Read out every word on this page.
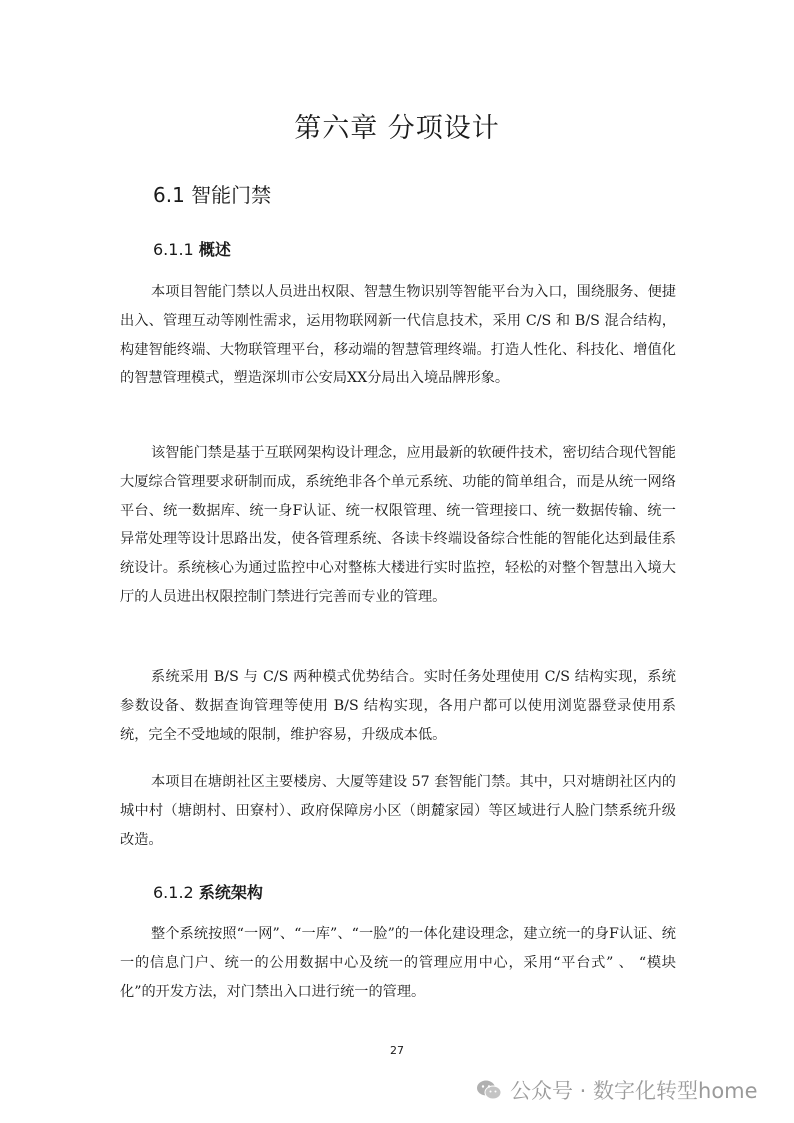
第六章 分项设计
6.1 智能门禁
6.1.1 概述

本项目智能门禁以人员进出权限、智慧生物识别等智能平台为入口，围绕服务、便捷出入、管理互动等刚性需求，运用物联网新一代信息技术，采用 C/S 和 B/S 混合结构，构建智能终端、大物联管理平台，移动端的智慧管理终端。打造人性化、科技化、增值化的智慧管理模式，塑造深圳市公安局XX分局出入境品牌形象。

该智能门禁是基于互联网架构设计理念，应用最新的软硬件技术，密切结合现代智能大厦综合管理要求研制而成，系统绝非各个单元系统、功能的简单组合，而是从统一网络平台、统一数据库、统一身F认证、统一权限管理、统一管理接口、统一数据传输、统一异常处理等设计思路出发，使各管理系统、各读卡终端设备综合性能的智能化达到最佳系统设计。系统核心为通过监控中心对整栋大楼进行实时监控，轻松的对整个智慧出入境大厅的人员进出权限控制门禁进行完善而专业的管理。

系统采用 B/S 与 C/S 两种模式优势结合。实时任务处理使用 C/S 结构实现，系统参数设备、数据查询管理等使用 B/S 结构实现，各用户都可以使用浏览器登录使用系统，完全不受地域的限制，维护容易，升级成本低。

本项目在塘朗社区主要楼房、大厦等建设 57 套智能门禁。其中，只对塘朗社区内的城中村（塘朗村、田寮村）、政府保障房小区（朗麓家园）等区域进行人脸门禁系统升级改造。

6.1.2 系统架构

整个系统按照“一网”、“一库”、“一脸”的一体化建设理念，建立统一的身F认证、统一的信息门户、统一的公用数据中心及统一的管理应用中心，采用“平台式” 、 “模块化”的开发方法，对门禁出入口进行统一的管理。

27
公众号 · 数字化转型home
